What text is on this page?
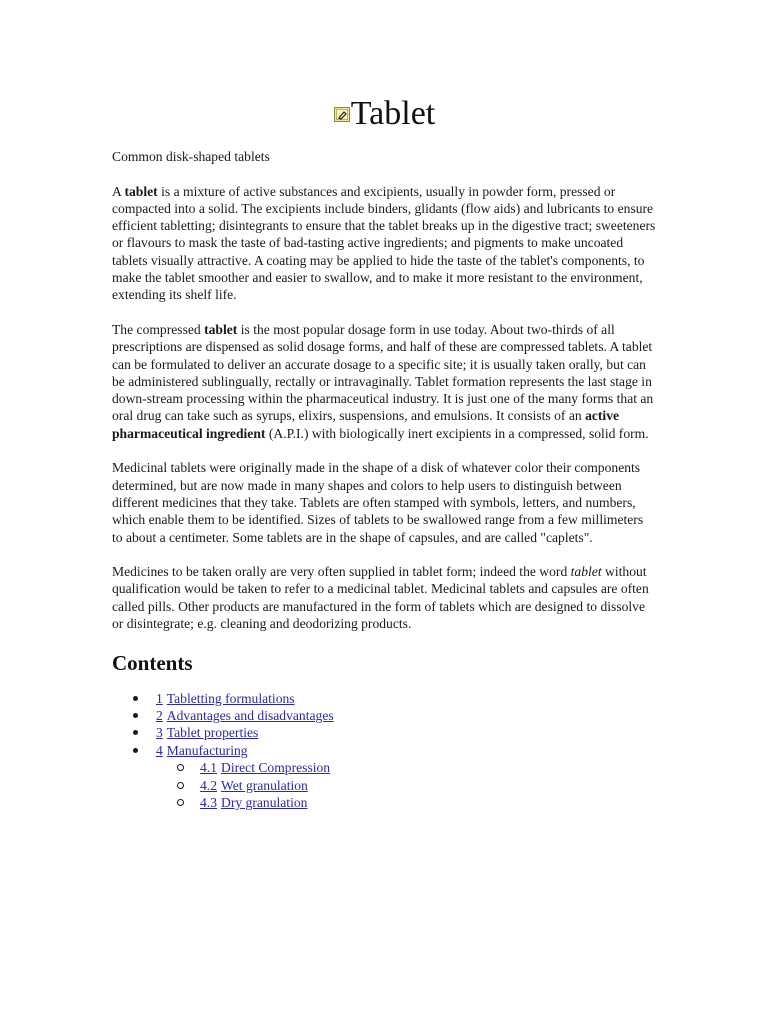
Tablet

Common disk-shaped tablets

A tablet is a mixture of active substances and excipients, usually in powder form, pressed or compacted into a solid. The excipients include binders, glidants (flow aids) and lubricants to ensure efficient tabletting; disintegrants to ensure that the tablet breaks up in the digestive tract; sweeteners or flavours to mask the taste of bad-tasting active ingredients; and pigments to make uncoated tablets visually attractive. A coating may be applied to hide the taste of the tablet's components, to make the tablet smoother and easier to swallow, and to make it more resistant to the environment, extending its shelf life.

The compressed tablet is the most popular dosage form in use today. About two-thirds of all prescriptions are dispensed as solid dosage forms, and half of these are compressed tablets. A tablet can be formulated to deliver an accurate dosage to a specific site; it is usually taken orally, but can be administered sublingually, rectally or intravaginally. Tablet formation represents the last stage in down-stream processing within the pharmaceutical industry. It is just one of the many forms that an oral drug can take such as syrups, elixirs, suspensions, and emulsions. It consists of an active pharmaceutical ingredient (A.P.I.) with biologically inert excipients in a compressed, solid form.

Medicinal tablets were originally made in the shape of a disk of whatever color their components determined, but are now made in many shapes and colors to help users to distinguish between different medicines that they take. Tablets are often stamped with symbols, letters, and numbers, which enable them to be identified. Sizes of tablets to be swallowed range from a few millimeters to about a centimeter. Some tablets are in the shape of capsules, and are called "caplets".

Medicines to be taken orally are very often supplied in tablet form; indeed the word tablet without qualification would be taken to refer to a medicinal tablet. Medicinal tablets and capsules are often called pills. Other products are manufactured in the form of tablets which are designed to dissolve or disintegrate; e.g. cleaning and deodorizing products.

Contents
1 Tabletting formulations
2 Advantages and disadvantages
3 Tablet properties
4 Manufacturing
4.1 Direct Compression
4.2 Wet granulation
4.3 Dry granulation
